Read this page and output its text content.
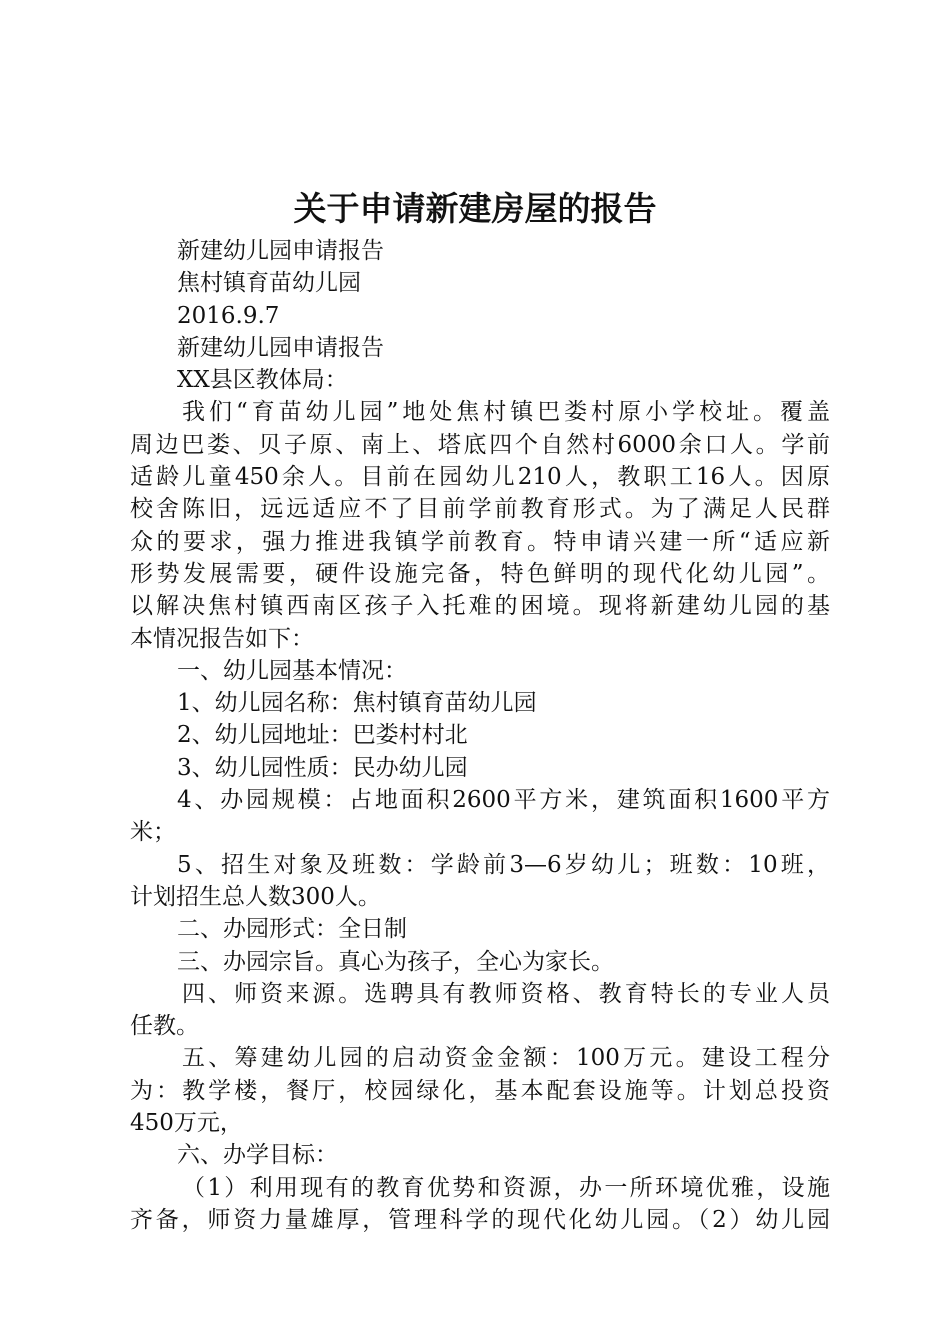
关于申请新建房屋的报告
新建幼儿园申请报告
焦村镇育苗幼儿园
2016.9.7
新建幼儿园申请报告
XX县区教体局：
我们“育苗幼儿园”地处焦村镇巴娄村原小学校址。覆盖
周边巴娄、贝子原、南上、塔底四个自然村6000余口人。学前
适龄儿童450余人。目前在园幼儿210人，教职工16人。因原
校舍陈旧，远远适应不了目前学前教育形式。为了满足人民群
众的要求，强力推进我镇学前教育。特申请兴建一所“适应新
形势发展需要，硬件设施完备，特色鲜明的现代化幼儿园”。
以解决焦村镇西南区孩子入托难的困境。现将新建幼儿园的基
本情况报告如下：
一、幼儿园基本情况：
1、幼儿园名称：焦村镇育苗幼儿园
2、幼儿园地址：巴娄村村北
3、幼儿园性质：民办幼儿园
4、办园规模：占地面积2600平方米，建筑面积1600平方
米；
5、招生对象及班数：学龄前3—6岁幼儿；班数：10班，
计划招生总人数300人。
二、办园形式：全日制
三、办园宗旨。真心为孩子，全心为家长。
四、师资来源。选聘具有教师资格、教育特长的专业人员
任教。
五、筹建幼儿园的启动资金金额：100万元。建设工程分
为：教学楼，餐厅，校园绿化，基本配套设施等。计划总投资
450万元，
六、办学目标：
（1）利用现有的教育优势和资源，办一所环境优雅，设施
齐备，师资力量雄厚，管理科学的现代化幼儿园。（2）幼儿园
